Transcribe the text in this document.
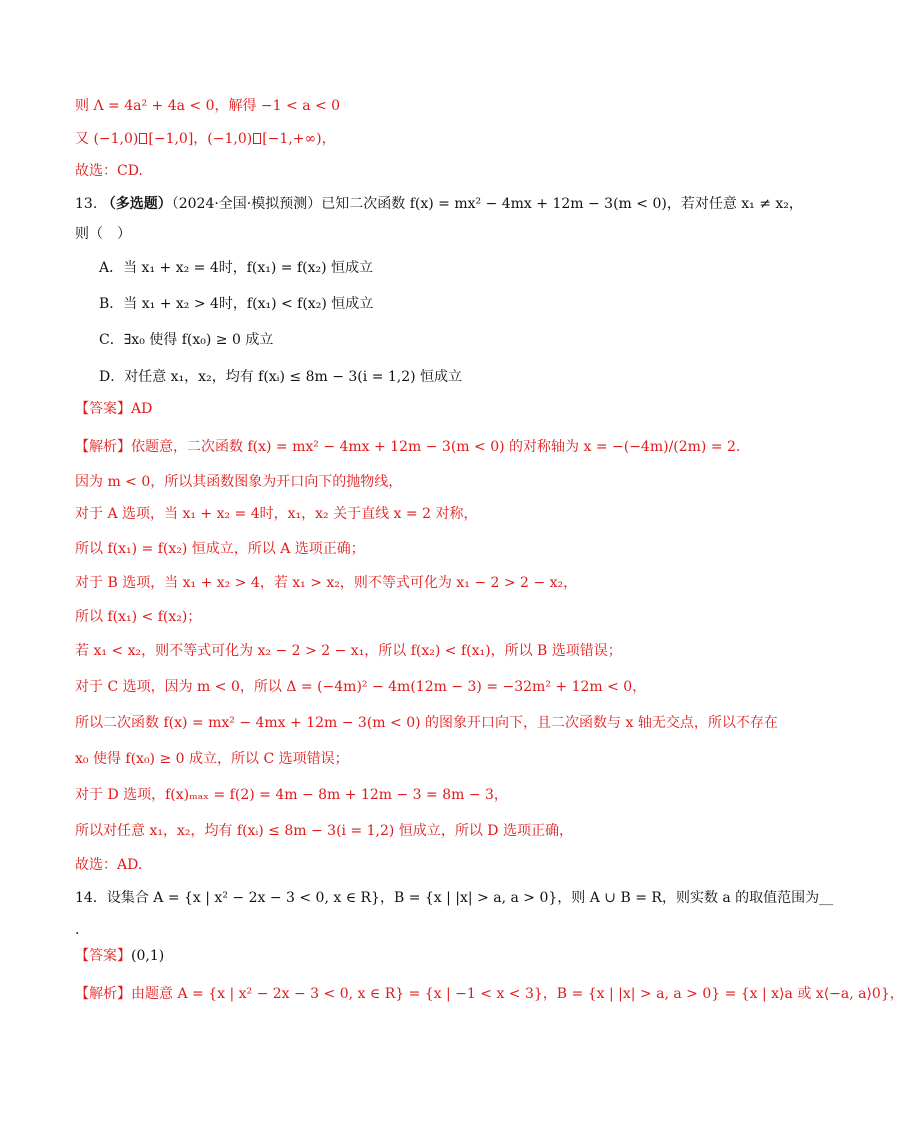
则 Λ = 4a² + 4a < 0，解得 −1 < a < 0
又 (−1,0) [−1,0]，(−1,0) [−1,+∞)，
故选：CD.
13. （多选题）（2024·全国·模拟预测）已知二次函数 f(x) = mx² − 4mx + 12m − 3(m < 0)，若对任意 x₁ ≠ x₂，
则（　）
A．当 x₁ + x₂ = 4时，f(x₁) = f(x₂) 恒成立
B．当 x₁ + x₂ > 4时，f(x₁) < f(x₂) 恒成立
C．∃x₀ 使得 f(x₀) ≥ 0 成立
D．对任意 x₁，x₂，均有 f(xᵢ) ≤ 8m − 3(i = 1,2) 恒成立
【答案】AD
【解析】依题意，二次函数 f(x) = mx² − 4mx + 12m − 3(m < 0) 的对称轴为 x = −(−4m)/(2m) = 2.
因为 m < 0，所以其函数图象为开口向下的抛物线，
对于 A 选项，当 x₁ + x₂ = 4时，x₁，x₂ 关于直线 x = 2 对称，
所以 f(x₁) = f(x₂) 恒成立，所以 A 选项正确；
对于 B 选项，当 x₁ + x₂ > 4，若 x₁ > x₂，则不等式可化为 x₁ − 2 > 2 − x₂，
所以 f(x₁) < f(x₂)；
若 x₁ < x₂，则不等式可化为 x₂ − 2 > 2 − x₁，所以 f(x₂) < f(x₁)，所以 B 选项错误；
对于 C 选项，因为 m < 0，所以 Δ = (−4m)² − 4m(12m − 3) = −32m² + 12m < 0，
所以二次函数 f(x) = mx² − 4mx + 12m − 3(m < 0) 的图象开口向下，且二次函数与 x 轴无交点，所以不存在
x₀ 使得 f(x₀) ≥ 0 成立，所以 C 选项错误；
对于 D 选项，f(x)ₘₐₓ = f(2) = 4m − 8m + 12m − 3 = 8m − 3，
所以对任意 x₁，x₂，均有 f(xᵢ) ≤ 8m − 3(i = 1,2) 恒成立，所以 D 选项正确，
故选：AD.
14．设集合 A = {x | x² − 2x − 3 < 0, x ∈ R}，B = {x | |x| > a, a > 0}，则 A ∪ B = R，则实数 a 的取值范围为__
.
【答案】(0,1)
【解析】由题意 A = {x | x² − 2x − 3 < 0, x ∈ R} = {x | −1 < x < 3}，B = {x | |x| > a, a > 0} = {x | x⟩a 或 x⟨−a, a⟩0}，
